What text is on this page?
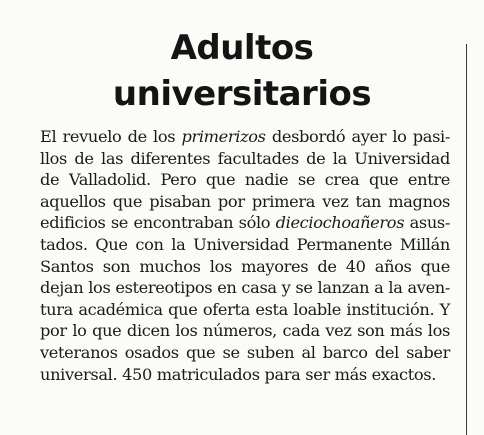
Adultos
universitarios
El revuelo de los primerizos desbordó ayer lo pasi-
llos de las diferentes facultades de la Universidad
de Valladolid. Pero que nadie se crea que entre
aquellos que pisaban por primera vez tan magnos
edificios se encontraban sólo dieciochoañeros asus-
tados. Que con la Universidad Permanente Millán
Santos son muchos los mayores de 40 años que
dejan los estereotipos en casa y se lanzan a la aven-
tura académica que oferta esta loable institución. Y
por lo que dicen los números, cada vez son más los
veteranos osados que se suben al barco del saber
universal. 450 matriculados para ser más exactos.
